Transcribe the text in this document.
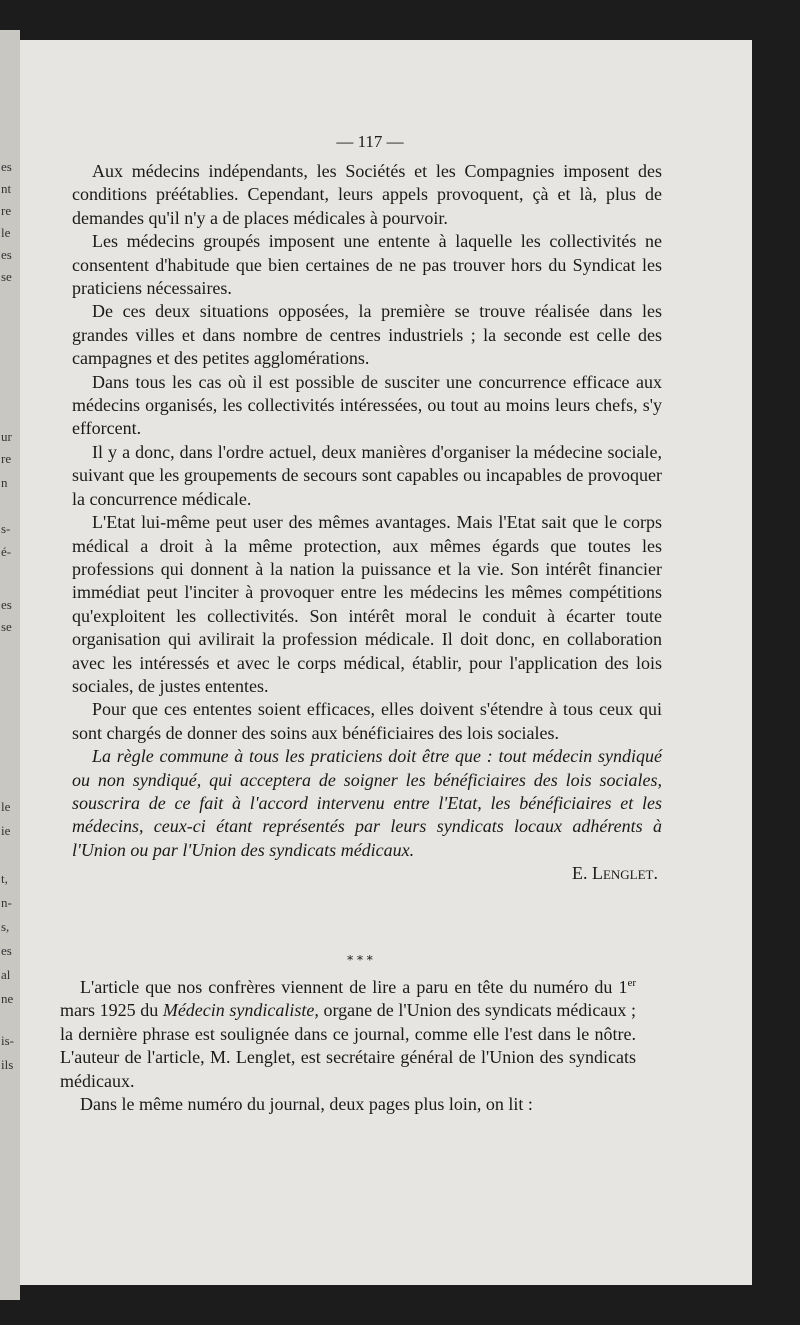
es
nt
re
le
es
se
ur
re
n
s-
é-
es
se
le
ie
t,
n-
s,
es
al
ne
is-
ils
— 117 —

Aux médecins indépendants, les Sociétés et les Compagnies imposent des conditions préétablies. Cependant, leurs appels provoquent, çà et là, plus de demandes qu'il n'y a de places médicales à pourvoir.

Les médecins groupés imposent une entente à laquelle les collectivités ne consentent d'habitude que bien certaines de ne pas trouver hors du Syndicat les praticiens nécessaires.

De ces deux situations opposées, la première se trouve réalisée dans les grandes villes et dans nombre de centres industriels ; la seconde est celle des campagnes et des petites agglomérations.

Dans tous les cas où il est possible de susciter une concurrence efficace aux médecins organisés, les collectivités intéressées, ou tout au moins leurs chefs, s'y efforcent.

Il y a donc, dans l'ordre actuel, deux manières d'organiser la médecine sociale, suivant que les groupements de secours sont capables ou incapables de provoquer la concurrence médicale.

L'Etat lui-même peut user des mêmes avantages. Mais l'Etat sait que le corps médical a droit à la même protection, aux mêmes égards que toutes les professions qui donnent à la nation la puissance et la vie. Son intérêt financier immédiat peut l'inciter à provoquer entre les médecins les mêmes compétitions qu'exploitent les collectivités. Son intérêt moral le conduit à écarter toute organisation qui avilirait la profession médicale. Il doit donc, en collaboration avec les intéressés et avec le corps médical, établir, pour l'application des lois sociales, de justes ententes.

Pour que ces ententes soient efficaces, elles doivent s'étendre à tous ceux qui sont chargés de donner des soins aux bénéficiaires des lois sociales.

La règle commune à tous les praticiens doit être que : tout médecin syndiqué ou non syndiqué, qui acceptera de soigner les bénéficiaires des lois sociales, souscrira de ce fait à l'accord intervenu entre l'Etat, les bénéficiaires et les médecins, ceux-ci étant représentés par leurs syndicats locaux adhérents à l'Union ou par l'Union des syndicats médicaux.

E. Lenglet.

* * *

L'article que nos confrères viennent de lire a paru en tête du numéro du 1er mars 1925 du Médecin syndicaliste, organe de l'Union des syndicats médicaux ; la dernière phrase est soulignée dans ce journal, comme elle l'est dans le nôtre. L'auteur de l'article, M. Lenglet, est secrétaire général de l'Union des syndicats médicaux.

Dans le même numéro du journal, deux pages plus loin, on lit :
